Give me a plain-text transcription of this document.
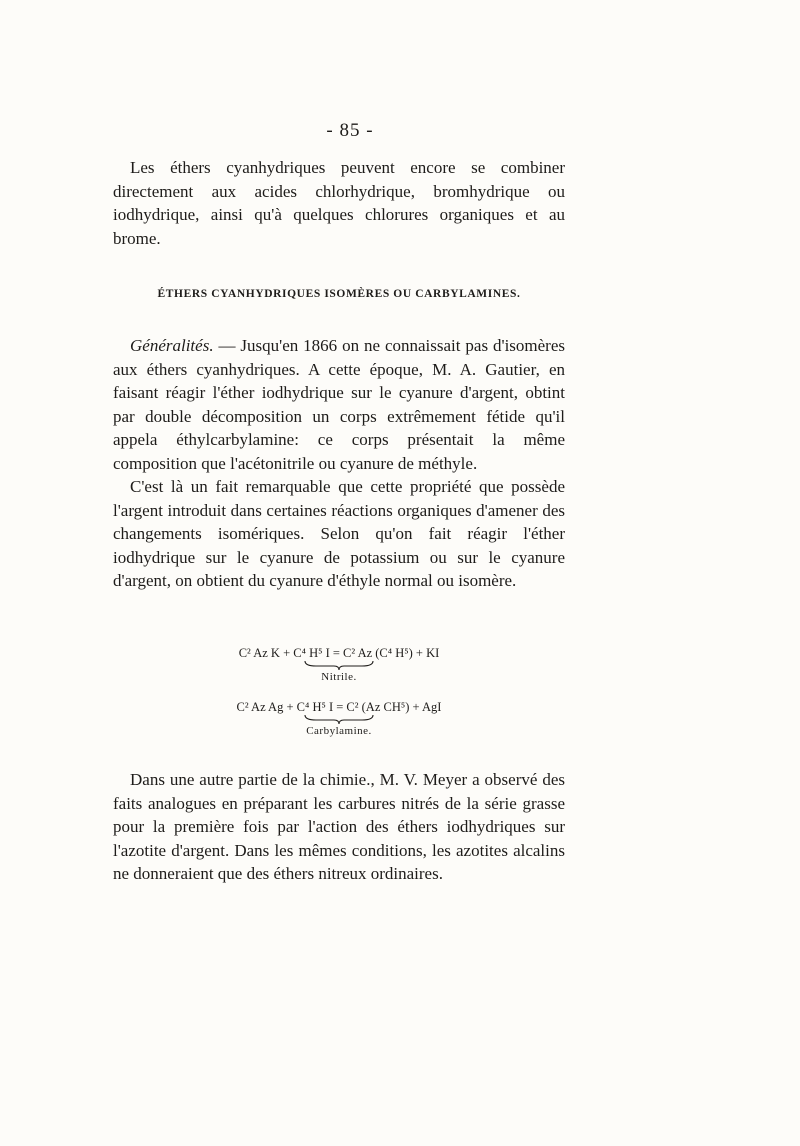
- 85 -

Les éthers cyanhydriques peuvent encore se combiner directement aux acides chlorhydrique, bromhydrique ou iodhydrique, ainsi qu'à quelques chlorures organiques et au brome.

ÉTHERS CYANHYDRIQUES ISOMÈRES OU CARBYLAMINES.

Généralités. — Jusqu'en 1866 on ne connaissait pas d'isomères aux éthers cyanhydriques. A cette époque, M. A. Gautier, en faisant réagir l'éther iodhydrique sur le cyanure d'argent, obtint par double décomposition un corps extrêmement fétide qu'il appela éthylcarbylamine: ce corps présentait la même composition que l'acétonitrile ou cyanure de méthyle.

C'est là un fait remarquable que cette propriété que possède l'argent introduit dans certaines réactions organiques d'amener des changements isomériques. Selon qu'on fait réagir l'éther iodhydrique sur le cyanure de potassium ou sur le cyanure d'argent, on obtient du cyanure d'éthyle normal ou isomère.

C² Az K + C⁴ H⁵ I = C² Az (C⁴ H⁵) + KI
Nitrile.
C² Az Ag + C⁴ H⁵ I = C² (Az CH⁵) + AgI
Carbylamine.

Dans une autre partie de la chimie., M. V. Meyer a observé des faits analogues en préparant les carbures nitrés de la série grasse pour la première fois par l'action des éthers iodhydriques sur l'azotite d'argent. Dans les mêmes conditions, les azotites alcalins ne donneraient que des éthers nitreux ordinaires.
